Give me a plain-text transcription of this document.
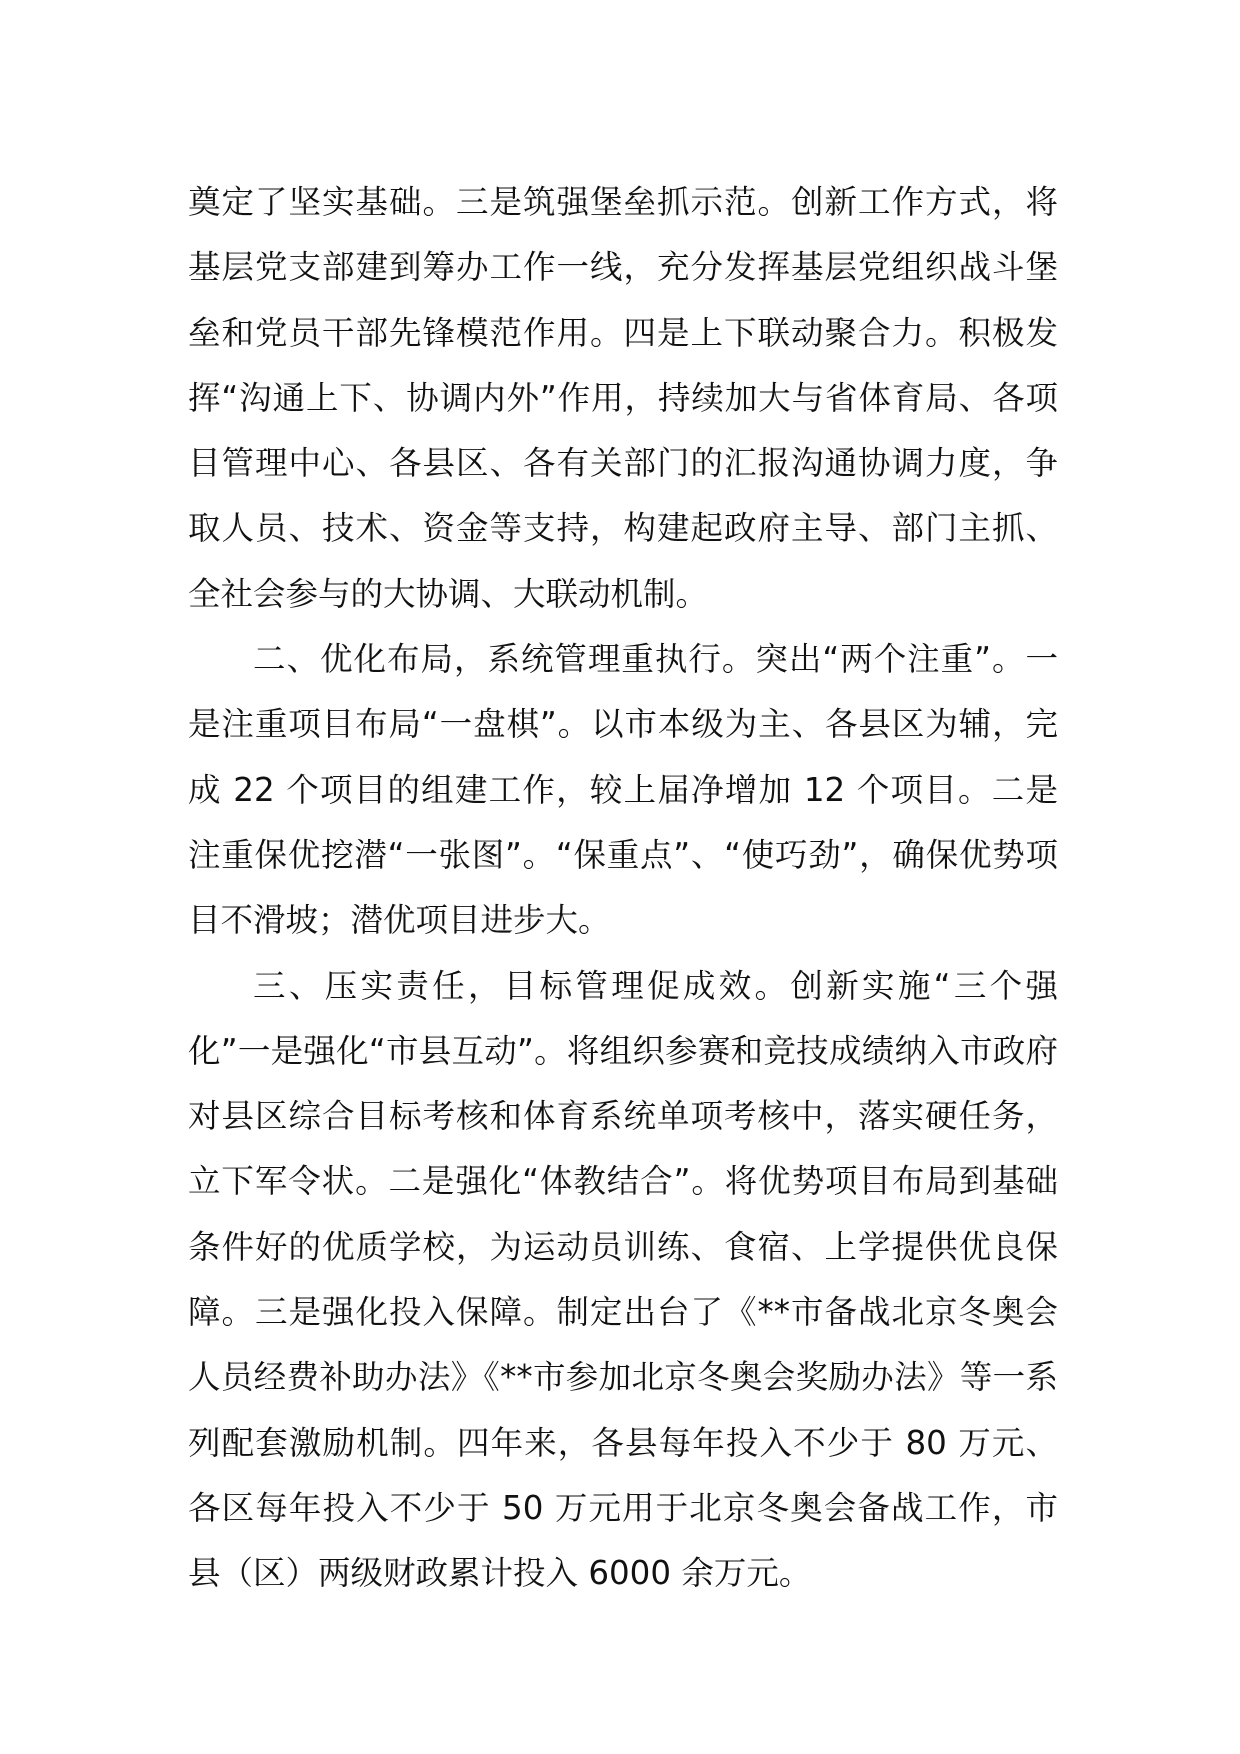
奠定了坚实基础。三是筑强堡垒抓示范。创新工作方式，将基层党支部建到筹办工作一线，充分发挥基层党组织战斗堡垒和党员干部先锋模范作用。四是上下联动聚合力。积极发挥“沟通上下、协调内外”作用，持续加大与省体育局、各项目管理中心、各县区、各有关部门的汇报沟通协调力度，争取人员、技术、资金等支持，构建起政府主导、部门主抓、全社会参与的大协调、大联动机制。

二、优化布局，系统管理重执行。突出“两个注重”。一是注重项目布局“一盘棋”。以市本级为主、各县区为辅，完成 22 个项目的组建工作，较上届净增加 12 个项目。二是注重保优挖潜“一张图”。“保重点”、“使巧劲”，确保优势项目不滑坡；潜优项目进步大。

三、压实责任，目标管理促成效。创新实施“三个强化”一是强化“市县互动”。将组织参赛和竞技成绩纳入市政府对县区综合目标考核和体育系统单项考核中，落实硬任务，立下军令状。二是强化“体教结合”。将优势项目布局到基础条件好的优质学校，为运动员训练、食宿、上学提供优良保障。三是强化投入保障。制定出台了《**市备战北京冬奥会人员经费补助办法》《**市参加北京冬奥会奖励办法》等一系列配套激励机制。四年来，各县每年投入不少于 80 万元、各区每年投入不少于 50 万元用于北京冬奥会备战工作，市县（区）两级财政累计投入 6000 余万元。
